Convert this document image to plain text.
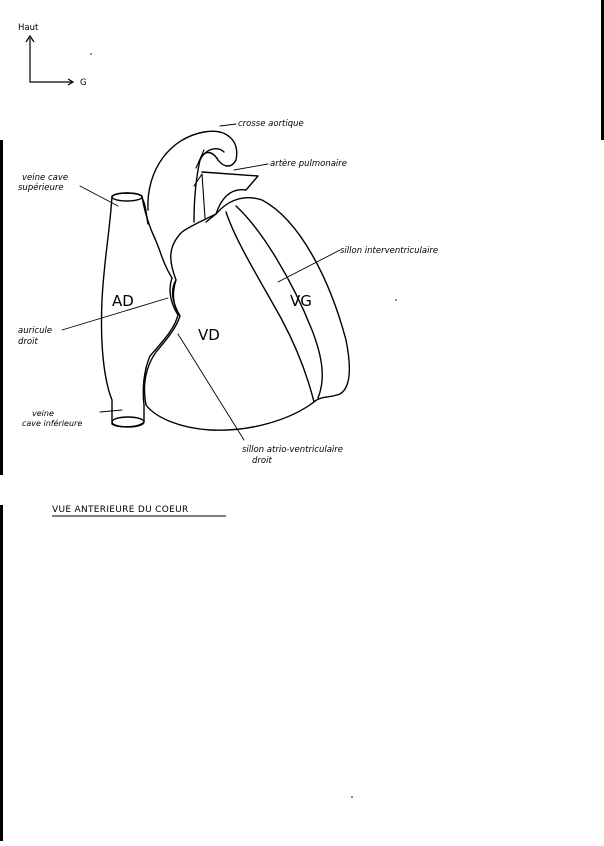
Haut
G
AD
VD
VG
crosse aortique
artère pulmonaire
veine cave
supérieure
sillon interventriculaire
auricule
droit
veine
cave inférieure
sillon atrio-ventriculaire
droit
VUE ANTERIEURE DU COEUR
